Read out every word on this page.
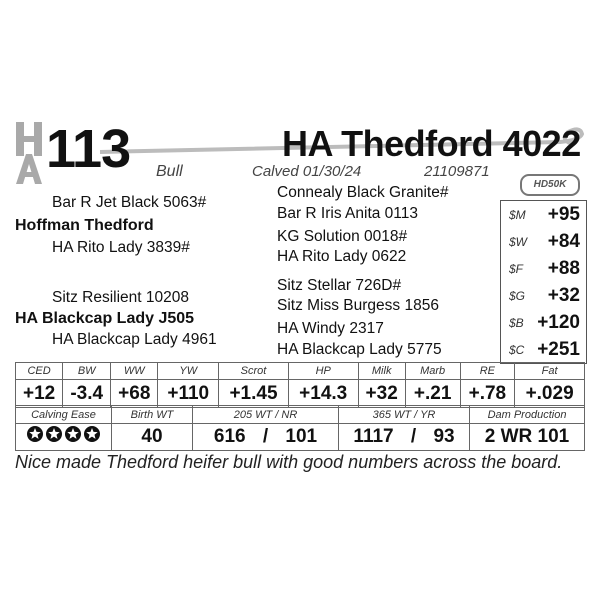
113	HA Thedford 4022
Bull	Calved 01/30/24	21109871
HD50K
Bar R Jet Black 5063#
Hoffman Thedford
HA Rito Lady 3839#
Sitz Resilient 10208
HA Blackcap Lady J505
HA Blackcap Lady 4961
Connealy Black Granite#
Bar R Iris Anita 0113
KG Solution 0018#
HA Rito Lady 0622
Sitz Stellar 726D#
Sitz Miss Burgess 1856
HA Windy 2317
HA Blackcap Lady 5775
$M +95
$W +84
$F +88
$G +32
$B +120
$C +251
CED	BW	WW	YW	Scrot	HP	Milk	Marb	RE	Fat
+12	-3.4	+68	+110	+1.45	+14.3	+32	+.21	+.78	+.029
Calving Ease	Birth WT	205 WT / NR	365 WT / YR	Dam Production
	40	616 / 101	1117 / 93	2 WR 101
Nice made Thedford heifer bull with good numbers across the board.
